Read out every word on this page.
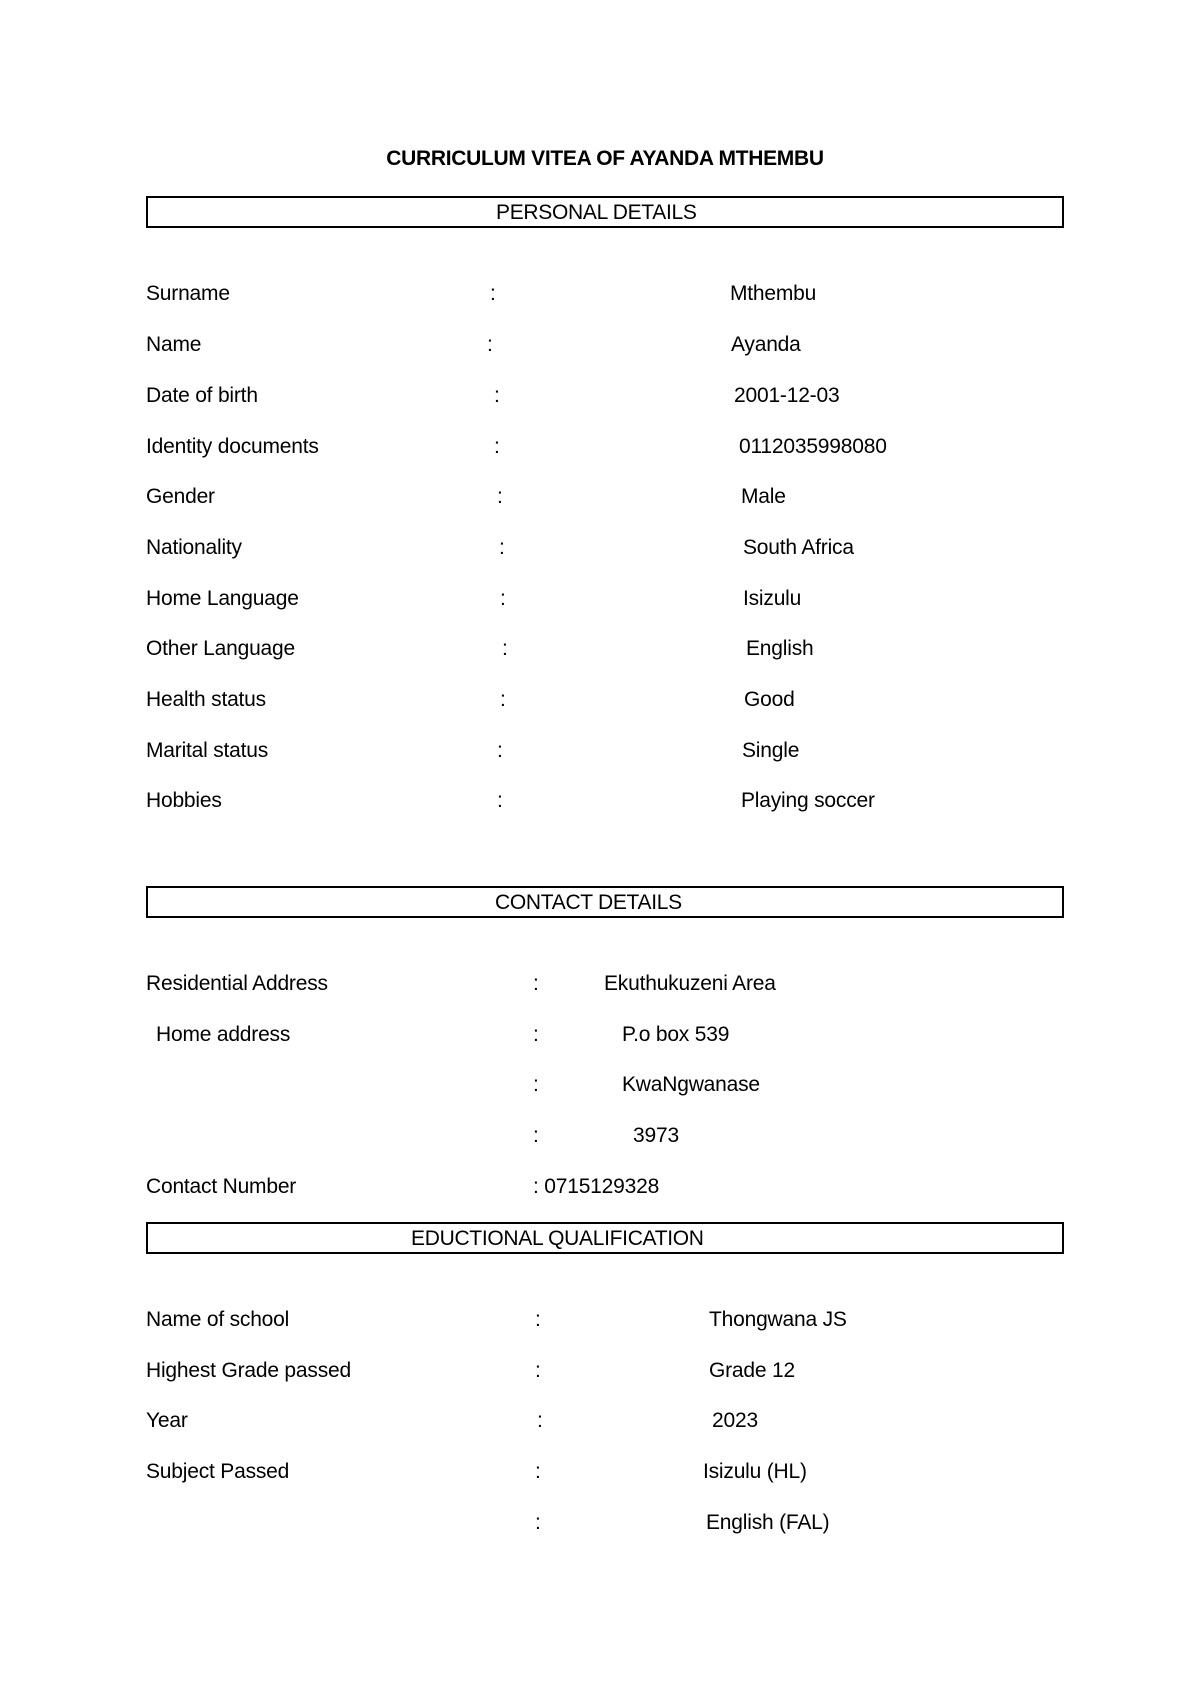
CURRICULUM VITEA OF AYANDA MTHEMBU
PERSONAL DETAILS
Surname	:	Mthembu
Name	:	Ayanda
Date of birth	:	2001-12-03
Identity documents	:	0112035998080
Gender	:	Male
Nationality	:	South Africa
Home Language	:	Isizulu
Other Language	:	English
Health status	:	Good
Marital status	:	Single
Hobbies	:	Playing soccer
CONTACT DETAILS
Residential Address	:	Ekuthukuzeni Area
Home address	:	P.o box 539
:	KwaNgwanase
:	3973
Contact Number	: 0715129328
EDUCTIONAL QUALIFICATION
Name of school	:	Thongwana JS
Highest Grade passed	:	Grade 12
Year	:	2023
Subject Passed	:	Isizulu (HL)
:	English (FAL)
